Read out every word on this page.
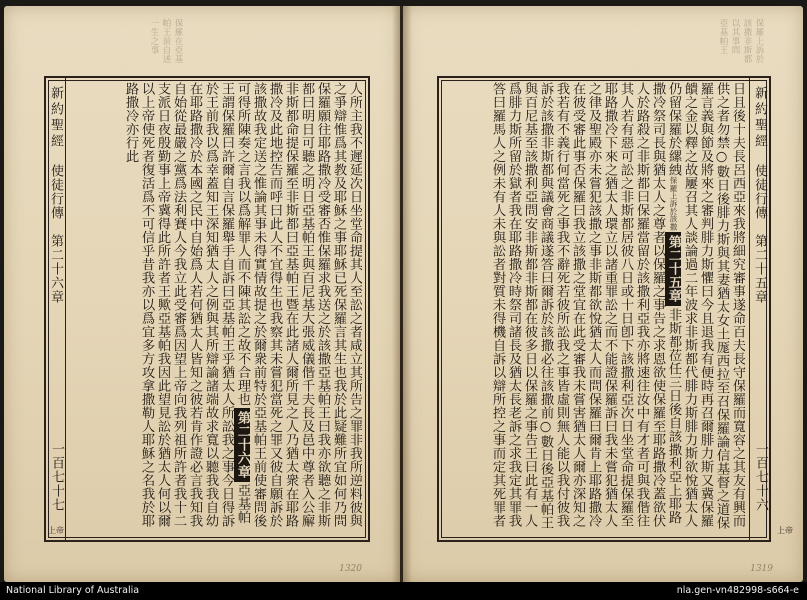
保羅在亞基
帕王前自述
一生之事
人所主我不遲延次日坐堂命提其人至訟之者咸立其所告之罪非我所逆料彼與之爭辯惟爲其教及耶穌之事耶穌已死保羅言其生也我於此疑難所宜如何乃問保羅願往耶路撒冷受審否惟保羅求我送之於該撒亞基帕王曰我亦欲聽之非斯都曰明日可聽之明日亞基帕王與百尼基大張威儀偕千夫長及邑中尊者入公廨非斯都命提保羅至非斯都曰亞基帕王暨在此諸人爾所見之人乃猶太衆在耶路撒冷及此地控告而呼曰此人不宜得生也我察其未嘗犯當死之罪又彼自願訴於該撒故我定送之惟論其事未得實情故提之於爾衆前特於亞基帕王前使審問後可得所陳奏之言我以爲解罪人而不陳其訟之故不合理也第二十六章亞基帕王謂保羅曰許爾自言保羅舉手自訴曰亞基帕王乎猶太人所訟我之事今日得訴於王前我以爲幸蓋知王深知猶太人之例與其所辯論諸端故求寬以聽我我自幼在耶路撒冷於本國之民中自始爲人若何猶太人皆知之彼若肯作證必言我知我自始從最嚴之黨爲法利賽人今我立此受審爲因望上帝向我列祖所許者我十二支派日夜殷勤事上帝冀得此所許者王歟亞基帕我因此望見訟於猶太人何以爾以上帝使死者復活爲不可信乎昔我亦以爲宜多方攻拿撒勒人耶穌之名我於耶路撒冷亦行此
新約聖經使徒行傳第二十六章
一百七十七
上帝
1320
保羅上訴於
該撒非斯都
以其事問
亞基帕王
新約聖經使徒行傳第二十五章
一百七十六
日且後十夫長呂西亞來我將細究審事遂命百夫長守保羅而寬容之其友有興而供之者勿禁○數日後腓力斯與其妻猶太女土厖西拉至召保羅論信基督之道保羅言義與節及將來之審判腓力斯懼曰今且退我有便時再召爾腓力斯又冀保羅饋之金以釋之故屢召其人談論過二年波求非斯都代腓力斯腓力斯欲悅猶太人仍留保羅於縲絏保羅上訴於該撒第二十五章非斯都莅任三日後自該撒利亞上耶路撒冷祭司長與猶太人之尊者以保羅之事告之求恩欲使保羅至耶路撒冷蓋欲伏人於路殺之非斯都曰保羅當留於該撒利亞我亦將速往汝中有才者可與我偕往其人若有惡可訟之非斯都居彼八日或十日卽下該撒利亞次日坐堂命提保羅至耶路撒冷下來之猶太人環立以諸重罪訟之而不能證保羅訴曰我未嘗犯猶太人之律及聖殿亦未嘗犯該撒之事非斯都欲悅猶太人而問保羅曰爾肯上耶路撒冷在彼受審此事否保羅曰我立該撒之堂宜在此受審我未嘗害猶太人爾亦深知之我若有不義行何當死之事我不辭死若彼所訟我之事皆虛則無人能以我付彼我訴於該撒非斯都與議會商議遂答曰爾訴於該撒必往該撒前○數日後亞基帕王與百尼基至該撒利亞問安非斯都非斯都在彼多日以保羅之事告王曰此有一人爲腓力斯所留於獄者我在耶路撒冷時祭司諸長及猶太長老訴之求我定其罪我答曰羅馬人之例未有人未與訟者對質未得機自訴以辯所控之事而定其死罪者
上帝
1319
National Library of Australia	nla.gen-vn482998-s664-e
